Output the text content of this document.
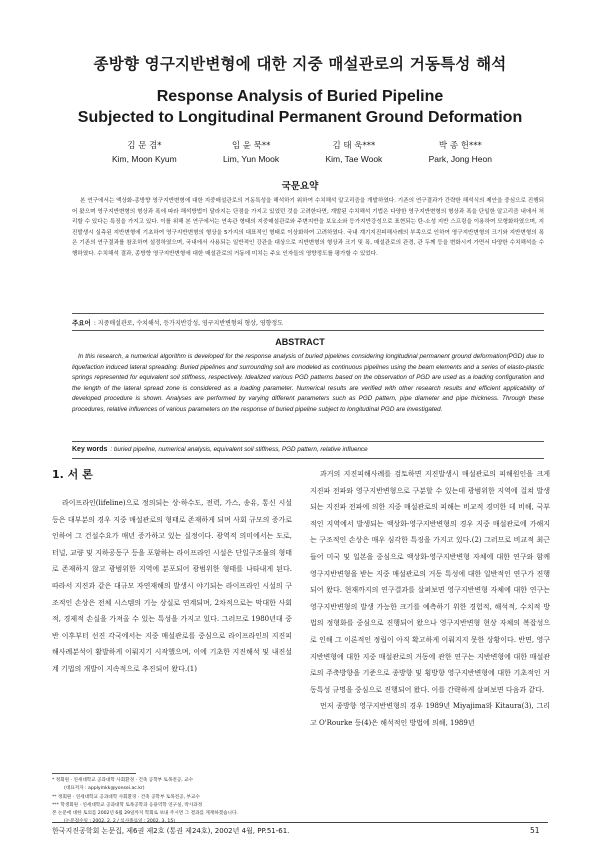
종방향 영구지반변형에 대한 지중 매설관로의 거동특성 해석
Response Analysis of Buried Pipeline
Subjected to Longitudinal Permanent Ground Deformation
김 문 겸*
Kim, Moon Kyum
임 윤 묵**
Lim, Yun Mook
김 태 욱***
Kim, Tae Wook
박 종 헌***
Park, Jong Heon
국문요약
본 연구에서는 액상화-종방향 영구지반변형에 대한 지중매설관로의 거동특성을 해석하기 위하여 수치해석 알고리즘을 개발하였다. 기존의 연구결과가 간략한 해석식의 제안을 중심으로 진행되어 왔으며 영구지반변형의 형상과 폭에 따라 해석방법이 달라지는 단점을 가지고 있었던 것을 고려한다면, 개발된 수치해석 기법은 다양한 영구지반변형의 형상과 폭을 단일한 알고리즘 내에서 처리할 수 있다는 특징을 가지고 있다. 이를 위해 본 연구에서는 연속관 형태의 지중매설관로와 주변지반을 보요소와 등가지반강성으로 표현되는 탄-소성 지반 스프링을 이용하여 모형화하였으며, 지진발생시 실측된 지반변형에 기초하여 영구지반변형의 형상을 5가지의 대표적인 형태로 이상화하여 고려하였다. 국내 계기지진피해사례의 부족으로 인하여 영구지반변형의 크기와 지반변형의 폭은 기존의 연구결과를 참조하여 설정하였으며, 국내에서 사용되는 일반적인 강관을 대상으로 지반변형의 형상과 크기 및 폭, 매설관로의 관경, 관 두께 등을 변화시켜 가면서 다양한 수치해석을 수행하였다. 수치해석 결과, 종방향 영구지반변형에 대한 매설관로의 거동에 미치는 주요 인자들의 영향정도를 평가할 수 있었다.
주요어 : 지중매설관로, 수치해석, 등가지반강성, 영구지반변형의 형상, 영향정도
ABSTRACT
In this research, a numerical algorithm is developed for the response analysis of buried pipelines considering longitudinal permanent ground deformation(PGD) due to liquefaction induced lateral spreading. Buried pipelines and surrounding soil are modeled as continuous pipelines using the beam elements and a series of elasto-plastic springs represented for equivalent soil stiffness, respectively. Idealized various PGD patterns based on the observation of PGD are used as a loading configuration and the length of the lateral spread zone is considered as a loading parameter. Numerical results are verified with other research results and efficient applicability of developed procedure is shown. Analyses are performed by varying different parameters such as PGD pattern, pipe diameter and pipe thickness. Through these procedures, relative influences of various parameters on the response of buried pipeline subject to longitudinal PGD are investigated.
Key words : buried pipeline, numerical analysis, equivalent soil stiffness, PGD pattern, relative influence
1. 서 론

라이프라인(lifeline)으로 정의되는 상·하수도, 전력, 가스, 송유, 통신 시설 등은 대부분의 경우 지중 매설관로의 형태로 존재하게 되며 사회 규모의 증가로 인하여 그 건설수요가 매년 증가하고 있는 실정이다. 광역적 의미에서는 도로, 터널, 교량 및 지하공동구 등을 포함하는 라이프라인 시설은 단일구조물의 형태로 존재하지 않고 광범위한 지역에 분포되어 광범위한 형태를 나타내게 된다. 따라서 지진과 같은 대규모 자연재해의 발생시 야기되는 라이프라인 시설의 구조적인 손상은 전체 시스템의 기능 상실로 연계되며, 2차적으로는 막대한 사회적, 경제적 손실을 가져올 수 있는 특성을 가지고 있다. 그러므로 1980년대 중반 이후부터 선진 각국에서는 지중 매설관로를 중심으로 라이프라인의 지진피해사례분석이 활발하게 이뤄지기 시작했으며, 이에 기초한 지진해석 및 내진설계 기법의 개발이 지속적으로 추진되어 왔다.(1)

과거의 지진피해사례를 검토하면 지진발생시 매설관로의 피해원인을 크게 지진파 전파와 영구지반변형으로 구분할 수 있는데 광범위한 지역에 걸쳐 발생되는 지진파 전파에 의한 지중 매설관로의 피해는 비교적 경미한 데 비해, 국부적인 지역에서 발생되는 액상화-영구지반변형의 경우 지중 매설관로에 가해지는 구조적인 손상은 매우 심각한 특징을 가지고 있다.(2) 그러므로 비교적 최근 들어 미국 및 일본을 중심으로 액상화-영구지반변형 자체에 대한 연구와 함께 영구지반변형을 받는 지중 매설관로의 거동 특성에 대한 일반적인 연구가 진행되어 왔다. 현재까지의 연구결과를 살펴보면 영구지반변형 자체에 대한 연구는 영구지반변형의 발생 가능한 크기를 예측하기 위한 경험적, 해석적, 수치적 방법의 정형화를 중심으로 진행되어 왔으나 영구지반변형 현상 자체의 복잡성으로 인해 그 이론적인 정립이 아직 확고하게 이뤄지지 못한 상황이다. 반면, 영구지반변형에 대한 지중 매설관로의 거동에 관한 연구는 지반변형에 대한 매설관로의 주축방향을 기준으로 종방향 및 횡방향 영구지반변형에 대한 기초적인 거동특성 규명을 중심으로 진행되어 왔다. 이를 간략하게 살펴보면 다음과 같다.

먼저 종방향 영구지반변형의 경우 1989년 Miyajima와 Kitaura(3), 그리고 O'Rourke 등(4)은 해석적인 방법에 의해, 1989년

* 정회원 · 연세대학교 공과대학 사회환경 · 건축 공학부 토목전공, 교수
(대표저자 : applymkk@yonsei.ac.kr)
** 정회원 · 연세대학교 공과대학 사회환경 · 건축 공학부 토목전공, 부교수
*** 학생회원 · 연세대학교 공과대학 토목공학과 응용역학 연구실, 박사과정
본 논문에 대한 토의를 2002년 6월 29일까지 학회로 보내 주시면 그 결과를 게재하겠습니다.
(논문접수일 : 2002. 2. 2 / 심사종료일 : 2002. 3. 15)
한국지진공학회 논문집, 제6권 제2호 (통권 제24호), 2002년 4월, PP.51-61.	51
